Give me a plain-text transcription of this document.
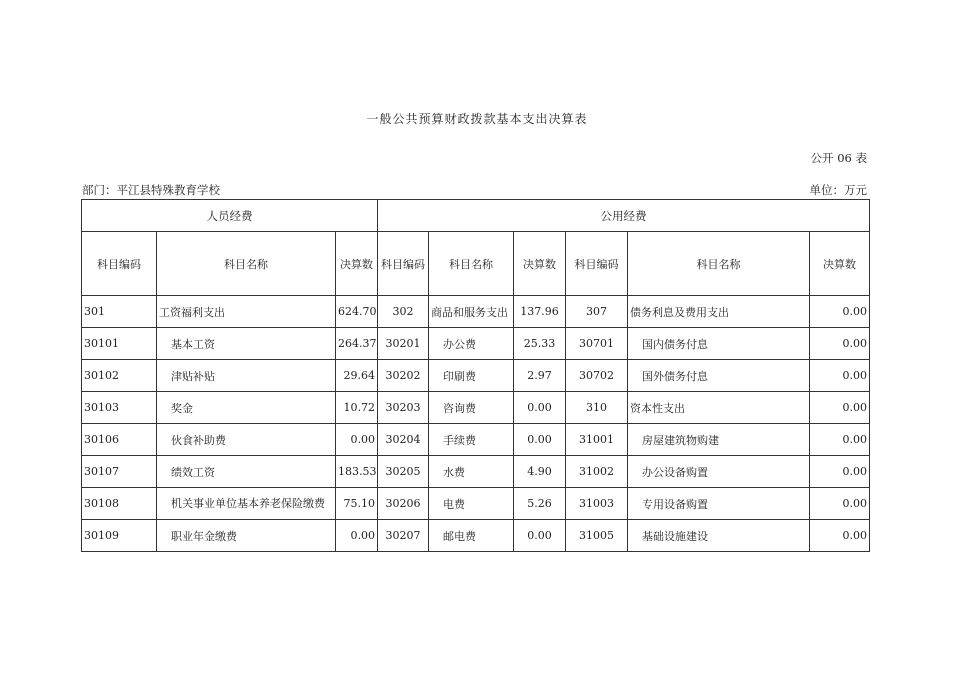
一般公共预算财政拨款基本支出决算表
公开 06 表
部门：平江县特殊教育学校	单位：万元
人员经费			公用经费					
科目编码	科目名称	决算数	科目编码	科目名称	决算数	科目编码	科目名称	决算数
301	工资福利支出	624.70	302	商品和服务支出	137.96	307	债务利息及费用支出	0.00
30101	基本工资	264.37	30201	办公费	25.33	30701	国内债务付息	0.00
30102	津贴补贴	29.64	30202	印刷费	2.97	30702	国外债务付息	0.00
30103	奖金	10.72	30203	咨询费	0.00	310	资本性支出	0.00
30106	伙食补助费	0.00	30204	手续费	0.00	31001	房屋建筑物购建	0.00
30107	绩效工资	183.53	30205	水费	4.90	31002	办公设备购置	0.00
30108	机关事业单位基本养老保险缴费	75.10	30206	电费	5.26	31003	专用设备购置	0.00
30109	职业年金缴费	0.00	30207	邮电费	0.00	31005	基础设施建设	0.00
